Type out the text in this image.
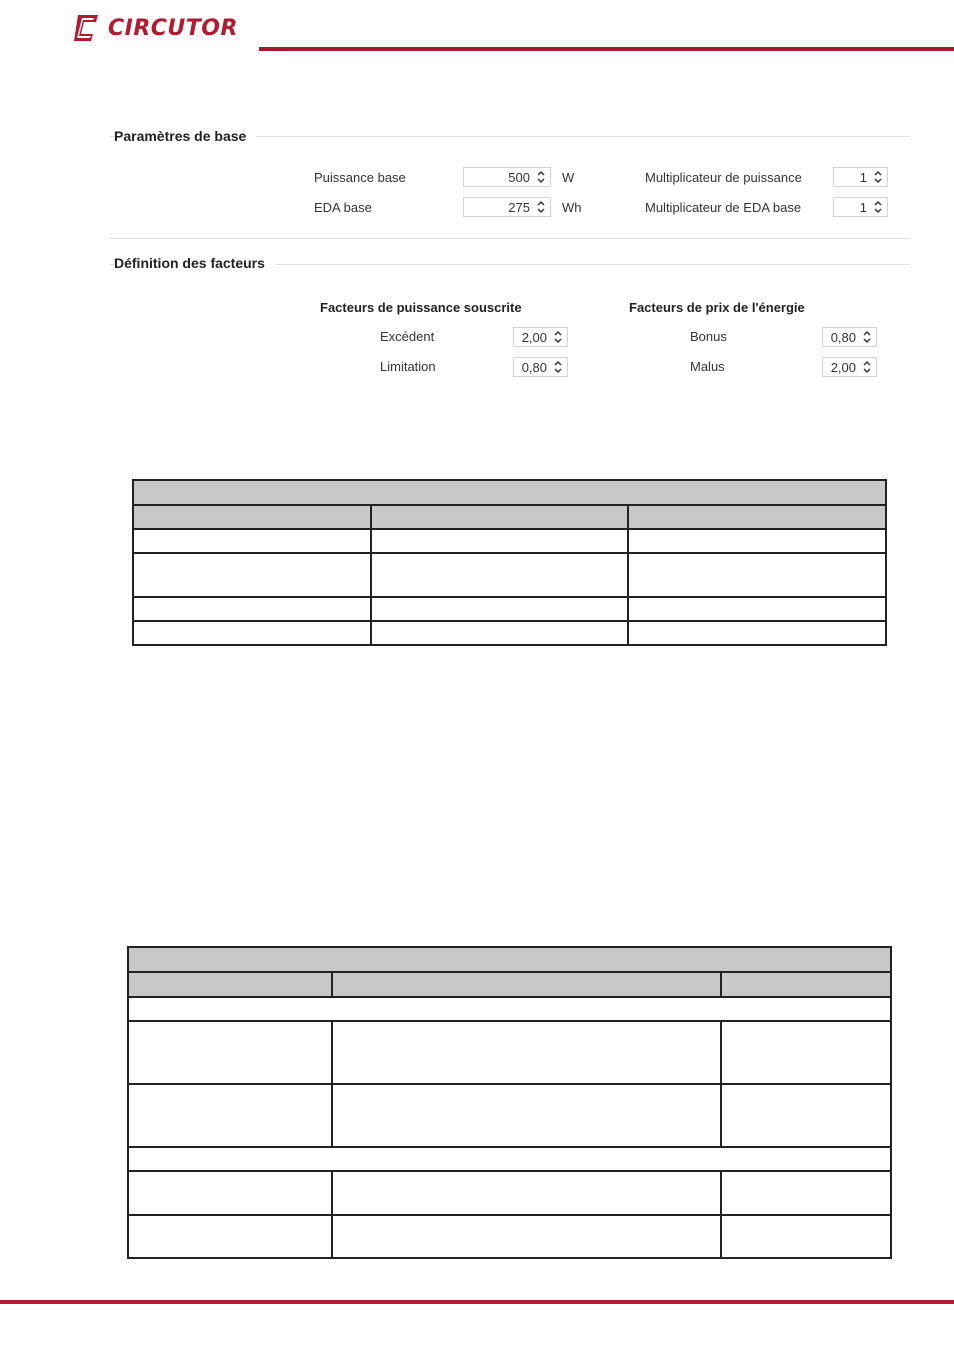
CIRCUTOR
Paramètres de base
Puissance base	500 W
EDA base	275 Wh
Multiplicateur de puissance	1
Multiplicateur de EDA base	1
Définition des facteurs
Facteurs de puissance souscrite	Facteurs de prix de l'énergie
Excédent	2,00
Limitation	0,80
Bonus	0,80
Malus	2,00
